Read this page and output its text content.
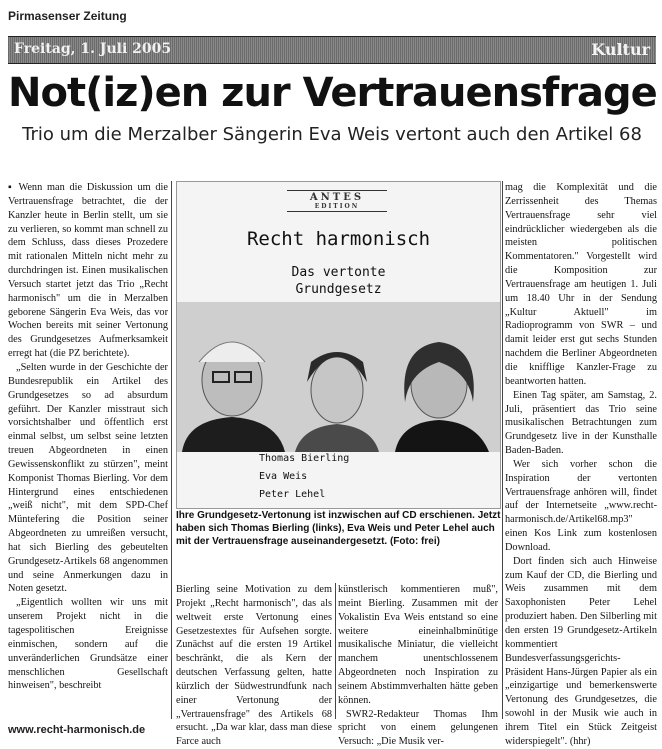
Pirmasenser Zeitung
Freitag, 1. Juli 2005	Kultur
Not(iz)en zur Vertrauensfrage
Trio um die Merzalber Sängerin Eva Weis vertont auch den Artikel 68

▪ Wenn man die Diskussion um die Vertrauensfrage betrachtet, die der Kanzler heute in Berlin stellt, um sie zu verlieren, so kommt man schnell zu dem Schluss, dass dieses Prozedere mit rationalen Mitteln nicht mehr zu durchdringen ist. Einen musikalischen Versuch startet jetzt das Trio „Recht harmonisch" um die in Merzalben geborene Sängerin Eva Weis, das vor Wochen bereits mit seiner Vertonung des Grundgesetzes Aufmerksamkeit erregt hat (die PZ berichtete).

„Selten wurde in der Geschichte der Bundesrepublik ein Artikel des Grundgesetzes so ad absurdum geführt. Der Kanzler misstraut sich vorsichtshalber und öffentlich erst einmal selbst, um selbst seine letzten treuen Abgeordneten in einen Gewissenskonflikt zu stürzen", meint Komponist Thomas Bierling. Vor dem Hintergrund eines entschiedenen „weiß nicht", mit dem SPD-Chef Müntefering die Position seiner Abgeordneten zu umreißen versucht, hat sich Bierling des gebeutelten Grundgesetz-Artikels 68 angenommen und seine Anmerkungen dazu in Noten gesetzt.

„Eigentlich wollten wir uns mit unserem Projekt nicht in die tagespolitischen Ereignisse einmischen, sondern auf die unveränderlichen Grundsätze einer menschlichen Gesellschaft hinweisen", beschreibt

ANTES
EDITION
Recht harmonisch
Das vertonte
Grundgesetz
Thomas Bierling
Eva Weis
Peter Lehel
Ihre Grundgesetz-Vertonung ist inzwischen auf CD erschienen. Jetzt haben sich Thomas Bierling (links), Eva Weis und Peter Lehel auch mit der Vertrauensfrage auseinandergesetzt. (Foto: frei)

Bierling seine Motivation zu dem Projekt „Recht harmonisch", das als weltweit erste Vertonung eines Gesetzestextes für Aufsehen sorgte. Zunächst auf die ersten 19 Artikel beschränkt, die als Kern der deutschen Verfassung gelten, hatte kürzlich der Südwestrundfunk nach einer Vertonung der „Vertrauensfrage" des Artikels 68 ersucht. „Da war klar, dass man diese Farce auch

künstlerisch kommentieren muß", meint Bierling. Zusammen mit der Vokalistin Eva Weis entstand so eine weitere eineinhalbminütige musikalische Miniatur, die vielleicht manchem unentschlossenem Abgeordneten noch Inspiration zu seinem Abstimmverhalten hätte geben können.

SWR2-Redakteur Thomas Ihm spricht von einem gelungenen Versuch: „Die Musik ver-

mag die Komplexität und die Zerrissenheit des Themas Vertrauensfrage sehr viel eindrücklicher wiedergeben als die meisten politischen Kommentatoren." Vorgestellt wird die Komposition zur Vertrauensfrage am heutigen 1. Juli um 18.40 Uhr in der Sendung „Kultur Aktuell" im Radioprogramm von SWR – und damit leider erst gut sechs Stunden nachdem die Berliner Abgeordneten die knifflige Kanzler-Frage zu beantworten hatten.

Einen Tag später, am Samstag, 2. Juli, präsentiert das Trio seine musikalischen Betrachtungen zum Grundgesetz live in der Kunsthalle Baden-Baden.

Wer sich vorher schon die Inspiration der vertonten Vertrauensfrage anhören will, findet auf der Internetseite „www.recht-harmonisch.de/Artikel68.mp3" einen Kos Link zum kostenlosen Download.

Dort finden sich auch Hinweise zum Kauf der CD, die Bierling und Weis zusammen mit dem Saxophonisten Peter Lehel produziert haben. Den Silberling mit den ersten 19 Grundgesetz-Artikeln kommentiert Bundesverfassungsgerichts-Präsident Hans-Jürgen Papier als ein „einzigartige und bemerkenswerte Vertonung des Grundgesetzes, die sowohl in der Musik wie auch in ihrem Titel ein Stück Zeitgeist widerspiegelt". (hhr)

www.recht-harmonisch.de
